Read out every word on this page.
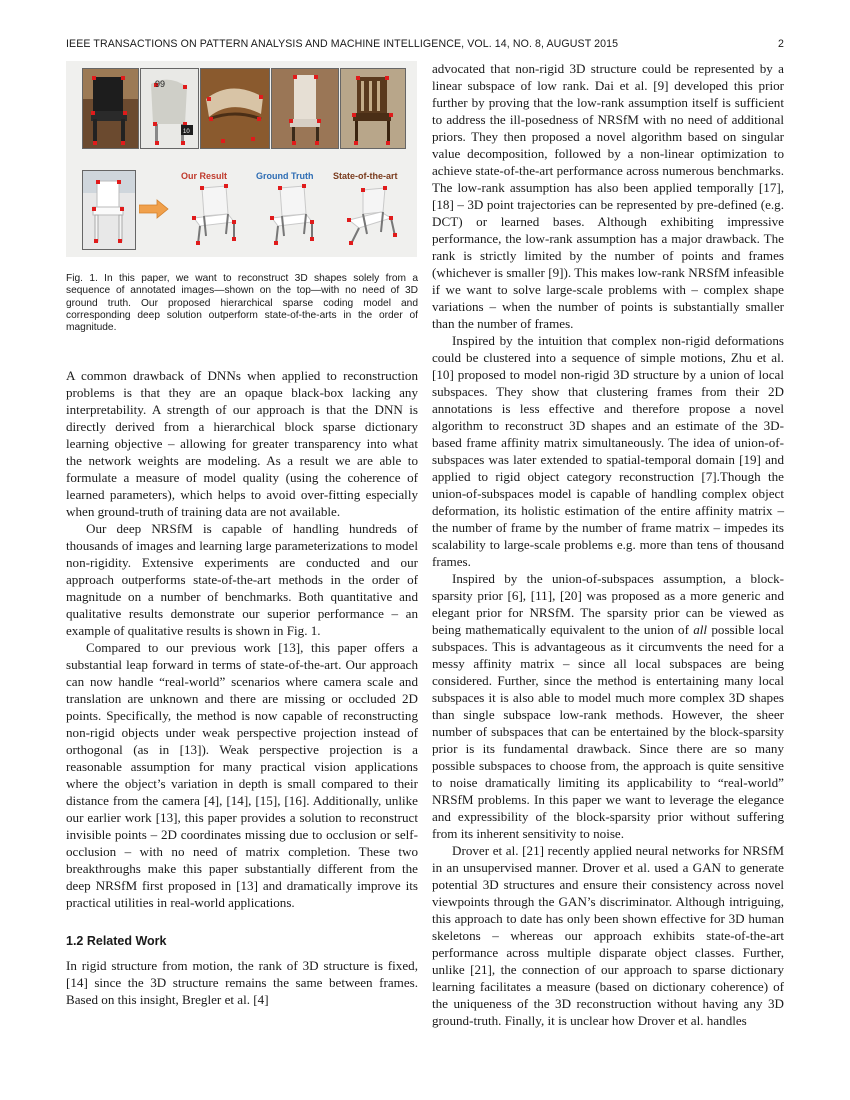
IEEE TRANSACTIONS ON PATTERN ANALYSIS AND MACHINE INTELLIGENCE, VOL. 14, NO. 8, AUGUST 2015	2
99
10
Our Result	Ground Truth State-of-the-art
Fig. 1. In this paper, we want to reconstruct 3D shapes solely from a sequence of annotated images—shown on the top—with no need of 3D ground truth. Our proposed hierarchical sparse coding model and corresponding deep solution outperform state-of-the-arts in the order of magnitude.

A common drawback of DNNs when applied to reconstruction problems is that they are an opaque black-box lacking any interpretability. A strength of our approach is that the DNN is directly derived from a hierarchical block sparse dictionary learning objective – allowing for greater transparency into what the network weights are modeling. As a result we are able to formulate a measure of model quality (using the coherence of learned parameters), which helps to avoid over-fitting especially when ground-truth of training data are not available.

Our deep NRSfM is capable of handling hundreds of thousands of images and learning large parameterizations to model non-rigidity. Extensive experiments are conducted and our approach outperforms state-of-the-art methods in the order of magnitude on a number of benchmarks. Both quantitative and qualitative results demonstrate our superior performance – an example of qualitative results is shown in Fig. 1.

Compared to our previous work [13], this paper offers a substantial leap forward in terms of state-of-the-art. Our approach can now handle “real-world” scenarios where camera scale and translation are unknown and there are missing or occluded 2D points. Specifically, the method is now capable of reconstructing non-rigid objects under weak perspective projection instead of orthogonal (as in [13]). Weak perspective projection is a reasonable assumption for many practical vision applications where the object’s variation in depth is small compared to their distance from the camera [4], [14], [15], [16]. Additionally, unlike our earlier work [13], this paper provides a solution to reconstruct invisible points – 2D coordinates missing due to occlusion or self-occlusion – with no need of matrix completion. These two breakthroughs make this paper substantially different from the deep NRSfM first proposed in [13] and dramatically improve its practical utilities in real-world applications.

1.2 Related Work

In rigid structure from motion, the rank of 3D structure is fixed, [14] since the 3D structure remains the same between frames. Based on this insight, Bregler et al. [4]

advocated that non-rigid 3D structure could be represented by a linear subspace of low rank. Dai et al. [9] developed this prior further by proving that the low-rank assumption itself is sufficient to address the ill-posedness of NRSfM with no need of additional priors. They then proposed a novel algorithm based on singular value decomposition, followed by a non-linear optimization to achieve state-of-the-art performance across numerous benchmarks. The low-rank assumption has also been applied temporally [17], [18] – 3D point trajectories can be represented by pre-defined (e.g. DCT) or learned bases. Although exhibiting impressive performance, the low-rank assumption has a major drawback. The rank is strictly limited by the number of points and frames (whichever is smaller [9]). This makes low-rank NRSfM infeasible if we want to solve large-scale problems with – complex shape variations – when the number of points is substantially smaller than the number of frames.

Inspired by the intuition that complex non-rigid deformations could be clustered into a sequence of simple motions, Zhu et al. [10] proposed to model non-rigid 3D structure by a union of local subspaces. They show that clustering frames from their 2D annotations is less effective and therefore propose a novel algorithm to reconstruct 3D shapes and an estimate of the 3D-based frame affinity matrix simultaneously. The idea of union-of-subspaces was later extended to spatial-temporal domain [19] and applied to rigid object category reconstruction [7].Though the union-of-subspaces model is capable of handling complex object deformation, its holistic estimation of the entire affinity matrix – the number of frame by the number of frame matrix – impedes its scalability to large-scale problems e.g. more than tens of thousand frames.

Inspired by the union-of-subspaces assumption, a block-sparsity prior [6], [11], [20] was proposed as a more generic and elegant prior for NRSfM. The sparsity prior can be viewed as being mathematically equivalent to the union of all possible local subspaces. This is advantageous as it circumvents the need for a messy affinity matrix – since all local subspaces are being considered. Further, since the method is entertaining many local subspaces it is also able to model much more complex 3D shapes than single subspace low-rank methods. However, the sheer number of subspaces that can be entertained by the block-sparsity prior is its fundamental drawback. Since there are so many possible subspaces to choose from, the approach is quite sensitive to noise dramatically limiting its applicability to “real-world” NRSfM problems. In this paper we want to leverage the elegance and expressibility of the block-sparsity prior without suffering from its inherent sensitivity to noise.

Drover et al. [21] recently applied neural networks for NRSfM in an unsupervised manner. Drover et al. used a GAN to generate potential 3D structures and ensure their consistency across novel viewpoints through the GAN’s discriminator. Although intriguing, this approach to date has only been shown effective for 3D human skeletons – whereas our approach exhibits state-of-the-art performance across multiple disparate object classes. Further, unlike [21], the connection of our approach to sparse dictionary learning facilitates a measure (based on dictionary coherence) of the uniqueness of the 3D reconstruction without having any 3D ground-truth. Finally, it is unclear how Drover et al. handles
